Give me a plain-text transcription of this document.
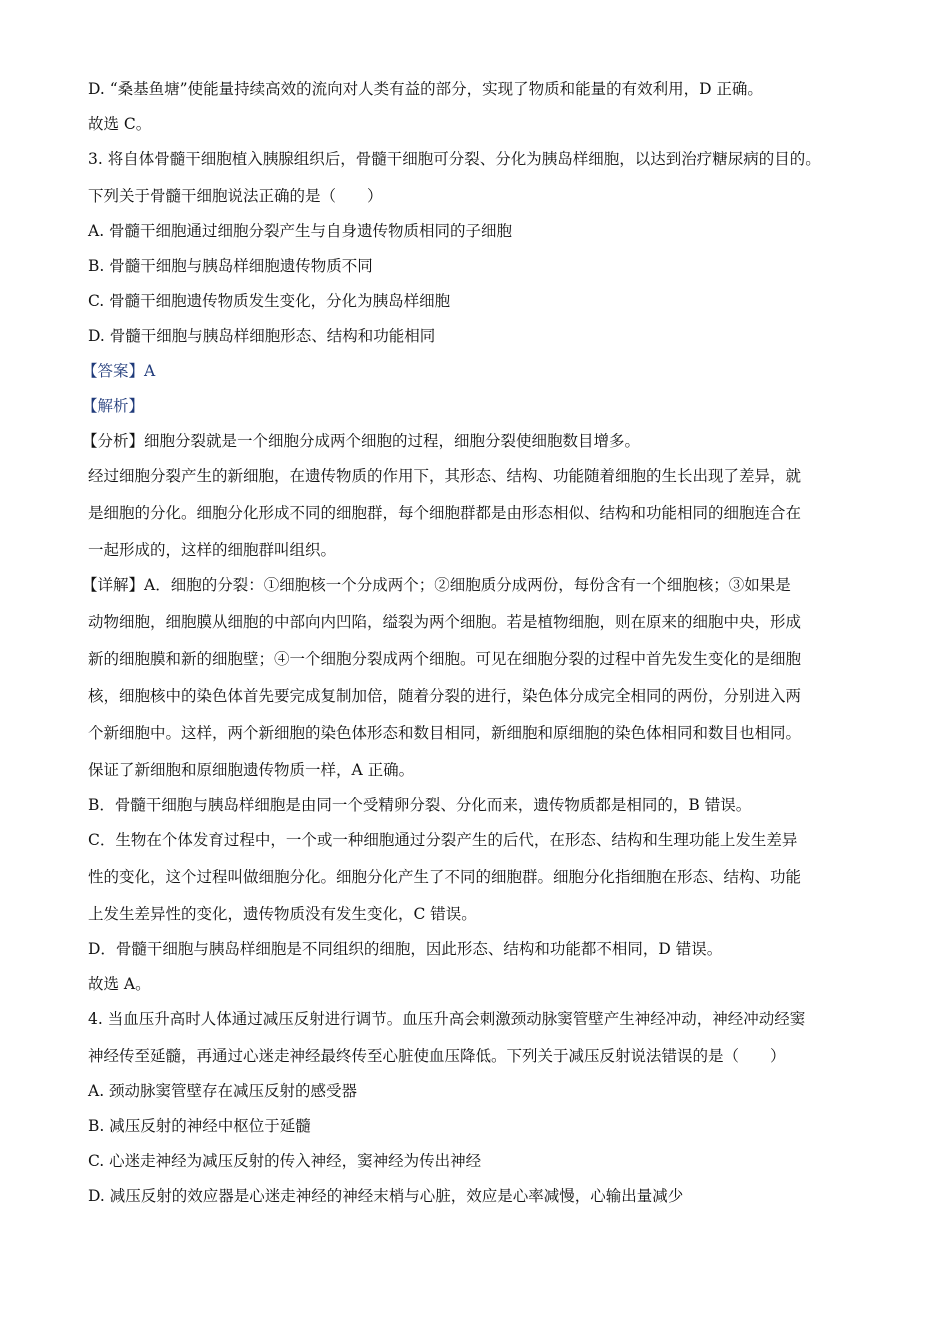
D. “桑基鱼塘”使能量持续高效的流向对人类有益的部分，实现了物质和能量的有效利用，D 正确。

故选 C。

3. 将自体骨髓干细胞植入胰腺组织后，骨髓干细胞可分裂、分化为胰岛样细胞，以达到治疗糖尿病的目的。

下列关于骨髓干细胞说法正确的是（　　）

A. 骨髓干细胞通过细胞分裂产生与自身遗传物质相同的子细胞

B. 骨髓干细胞与胰岛样细胞遗传物质不同

C. 骨髓干细胞遗传物质发生变化，分化为胰岛样细胞

D. 骨髓干细胞与胰岛样细胞形态、结构和功能相同

【答案】A

【解析】

【分析】细胞分裂就是一个细胞分成两个细胞的过程，细胞分裂使细胞数目增多。

经过细胞分裂产生的新细胞，在遗传物质的作用下，其形态、结构、功能随着细胞的生长出现了差异，就

是细胞的分化。细胞分化形成不同的细胞群，每个细胞群都是由形态相似、结构和功能相同的细胞连合在

一起形成的，这样的细胞群叫组织。

【详解】A．细胞的分裂：①细胞核一个分成两个；②细胞质分成两份，每份含有一个细胞核；③如果是

动物细胞，细胞膜从细胞的中部向内凹陷，缢裂为两个细胞。若是植物细胞，则在原来的细胞中央，形成

新的细胞膜和新的细胞壁；④一个细胞分裂成两个细胞。可见在细胞分裂的过程中首先发生变化的是细胞

核，细胞核中的染色体首先要完成复制加倍，随着分裂的进行，染色体分成完全相同的两份，分别进入两

个新细胞中。这样，两个新细胞的染色体形态和数目相同，新细胞和原细胞的染色体相同和数目也相同。

保证了新细胞和原细胞遗传物质一样，A 正确。

B．骨髓干细胞与胰岛样细胞是由同一个受精卵分裂、分化而来，遗传物质都是相同的，B 错误。

C．生物在个体发育过程中，一个或一种细胞通过分裂产生的后代，在形态、结构和生理功能上发生差异

性的变化，这个过程叫做细胞分化。细胞分化产生了不同的细胞群。细胞分化指细胞在形态、结构、功能

上发生差异性的变化，遗传物质没有发生变化，C 错误。

D．骨髓干细胞与胰岛样细胞是不同组织的细胞，因此形态、结构和功能都不相同，D 错误。

故选 A。

4. 当血压升高时人体通过减压反射进行调节。血压升高会刺激颈动脉窦管壁产生神经冲动，神经冲动经窦

神经传至延髓，再通过心迷走神经最终传至心脏使血压降低。下列关于减压反射说法错误的是（　　）

A. 颈动脉窦管壁存在减压反射的感受器

B. 减压反射的神经中枢位于延髓

C. 心迷走神经为减压反射的传入神经，窦神经为传出神经

D. 减压反射的效应器是心迷走神经的神经末梢与心脏，效应是心率减慢，心输出量减少
